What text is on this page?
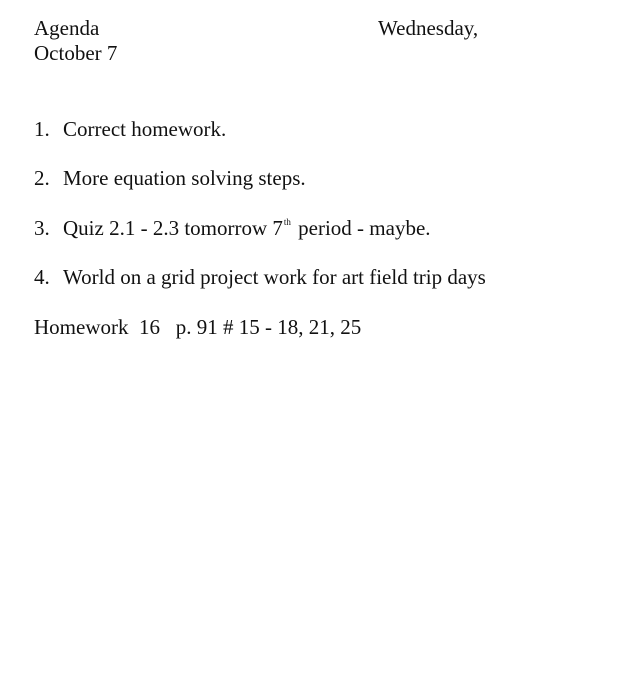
Agenda	Wednesday,
October 7
1. Correct homework.
2. More equation solving steps.
3. Quiz 2.1 - 2.3 tomorrow 7th period - maybe.
4. World on a grid project work for art field trip days
Homework  16 p. 91 # 15 - 18, 21, 25
